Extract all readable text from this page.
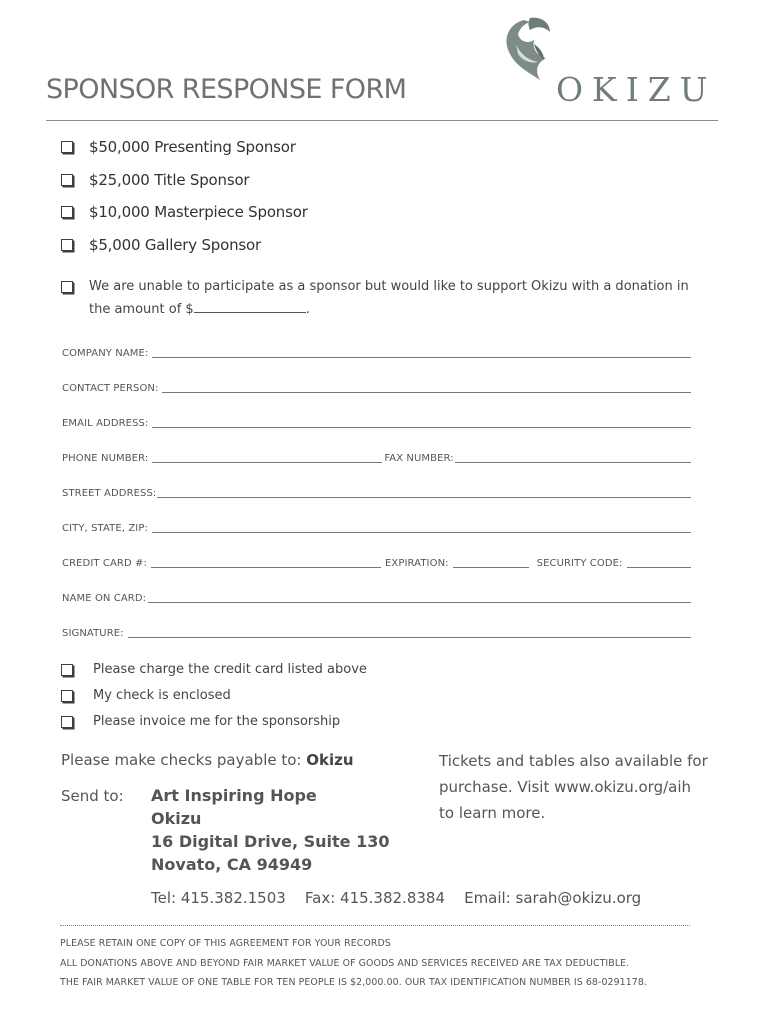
SPONSOR RESPONSE FORM	OKIZU
$50,000 Presenting Sponsor
$25,000 Title Sponsor
$10,000 Masterpiece Sponsor
$5,000 Gallery Sponsor
We are unable to participate as a sponsor but would like to support Okizu with a donation in the amount of $	.
COMPANY NAME:
CONTACT PERSON:
EMAIL ADDRESS:
PHONE NUMBER:	FAX NUMBER:
STREET ADDRESS:
CITY, STATE, ZIP:
CREDIT CARD #:	EXPIRATION:	SECURITY CODE:
NAME ON CARD:
SIGNATURE:
Please charge the credit card listed above
My check is enclosed
Please invoice me for the sponsorship
Please make checks payable to: Okizu
Send to: Art Inspiring Hope
Okizu
16 Digital Drive, Suite 130
Novato, CA 94949
Tickets and tables also available for purchase. Visit www.okizu.org/aih to learn more.
Tel: 415.382.1503 Fax: 415.382.8384 Email: sarah@okizu.org
PLEASE RETAIN ONE COPY OF THIS AGREEMENT FOR YOUR RECORDS
ALL DONATIONS ABOVE AND BEYOND FAIR MARKET VALUE OF GOODS AND SERVICES RECEIVED ARE TAX DEDUCTIBLE.
THE FAIR MARKET VALUE OF ONE TABLE FOR TEN PEOPLE IS $2,000.00. OUR TAX IDENTIFICATION NUMBER IS 68-0291178.
